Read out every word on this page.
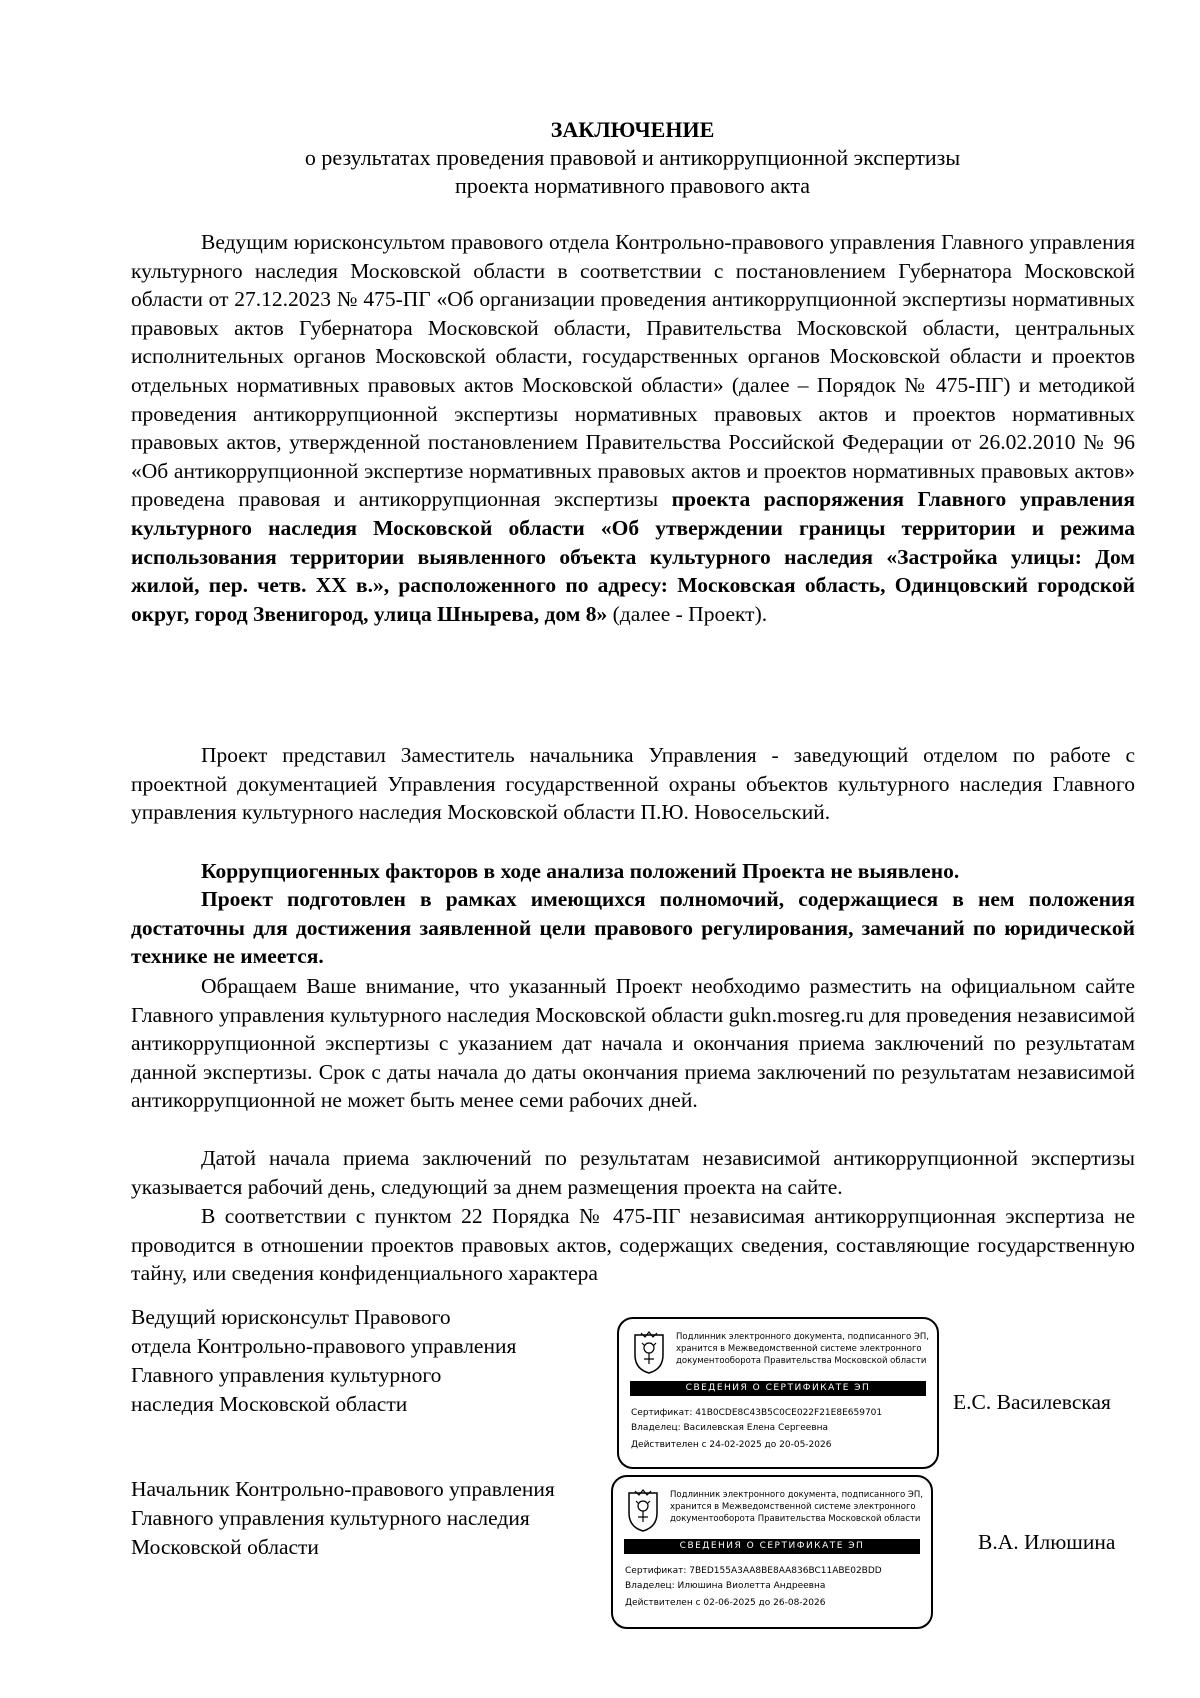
ЗАКЛЮЧЕНИЕ
о результатах проведения правовой и антикоррупционной экспертизы
проекта нормативного правового акта

Ведущим юрисконсультом правового отдела Контрольно-правового управления Главного управления культурного наследия Московской области в соответствии с постановлением Губернатора Московской области от 27.12.2023 № 475-ПГ «Об организации проведения антикоррупционной экспертизы нормативных правовых актов Губернатора Московской области, Правительства Московской области, центральных исполнительных органов Московской области, государственных органов Московской области и проектов отдельных нормативных правовых актов Московской области» (далее – Порядок № 475-ПГ) и методикой проведения антикоррупционной экспертизы нормативных правовых актов и проектов нормативных правовых актов, утвержденной постановлением Правительства Российской Федерации от 26.02.2010 № 96 «Об антикоррупционной экспертизе нормативных правовых актов и проектов нормативных правовых актов» проведена правовая и антикоррупционная экспертизы проекта распоряжения Главного управления культурного наследия Московской области «Об утверждении границы территории и режима использования территории выявленного объекта культурного наследия «Застройка улицы: Дом жилой, пер. четв. XX в.», расположенного по адресу: Московская область, Одинцовский городской округ, город Звенигород, улица Шнырева, дом 8» (далее - Проект).

Проект представил Заместитель начальника Управления - заведующий отделом по работе с проектной документацией Управления государственной охраны объектов культурного наследия Главного управления культурного наследия Московской области П.Ю. Новосельский.

Коррупциогенных факторов в ходе анализа положений Проекта не выявлено.

Проект подготовлен в рамках имеющихся полномочий, содержащиеся в нем положения достаточны для достижения заявленной цели правового регулирования, замечаний по юридической технике не имеется.

Обращаем Ваше внимание, что указанный Проект необходимо разместить на официальном сайте Главного управления культурного наследия Московской области gukn.mosreg.ru для проведения независимой антикоррупционной экспертизы с указанием дат начала и окончания приема заключений по результатам данной экспертизы. Срок с даты начала до даты окончания приема заключений по результатам независимой антикоррупционной не может быть менее семи рабочих дней.

Датой начала приема заключений по результатам независимой антикоррупционной экспертизы указывается рабочий день, следующий за днем размещения проекта на сайте.

В соответствии с пунктом 22 Порядка № 475-ПГ независимая антикоррупционная экспертиза не проводится в отношении проектов правовых актов, содержащих сведения, составляющие государственную тайну, или сведения конфиденциального характера

Ведущий юрисконсульт Правового
отдела Контрольно-правового управления
Главного управления культурного
наследия Московской области
Подлинник электронного документа, подписанного ЭП,
хранится в Межведомственной системе электронного
документооборота Правительства Московской области
СВЕДЕНИЯ О СЕРТИФИКАТЕ ЭП
Сертификат: 41B0CDE8C43B5C0CE022F21E8E659701
Владелец: Василевская Елена Сергеевна
Действителен с 24-02-2025 до 20-05-2026
Е.С. Василевская
Начальник Контрольно-правового управления
Главного управления культурного наследия
Московской области
Подлинник электронного документа, подписанного ЭП,
хранится в Межведомственной системе электронного
документооборота Правительства Московской области
СВЕДЕНИЯ О СЕРТИФИКАТЕ ЭП
Сертификат: 7BED155A3AA8BE8AA836BC11ABE02BDD
Владелец: Илюшина Виолетта Андреевна
Действителен с 02-06-2025 до 26-08-2026
В.А. Илюшина
